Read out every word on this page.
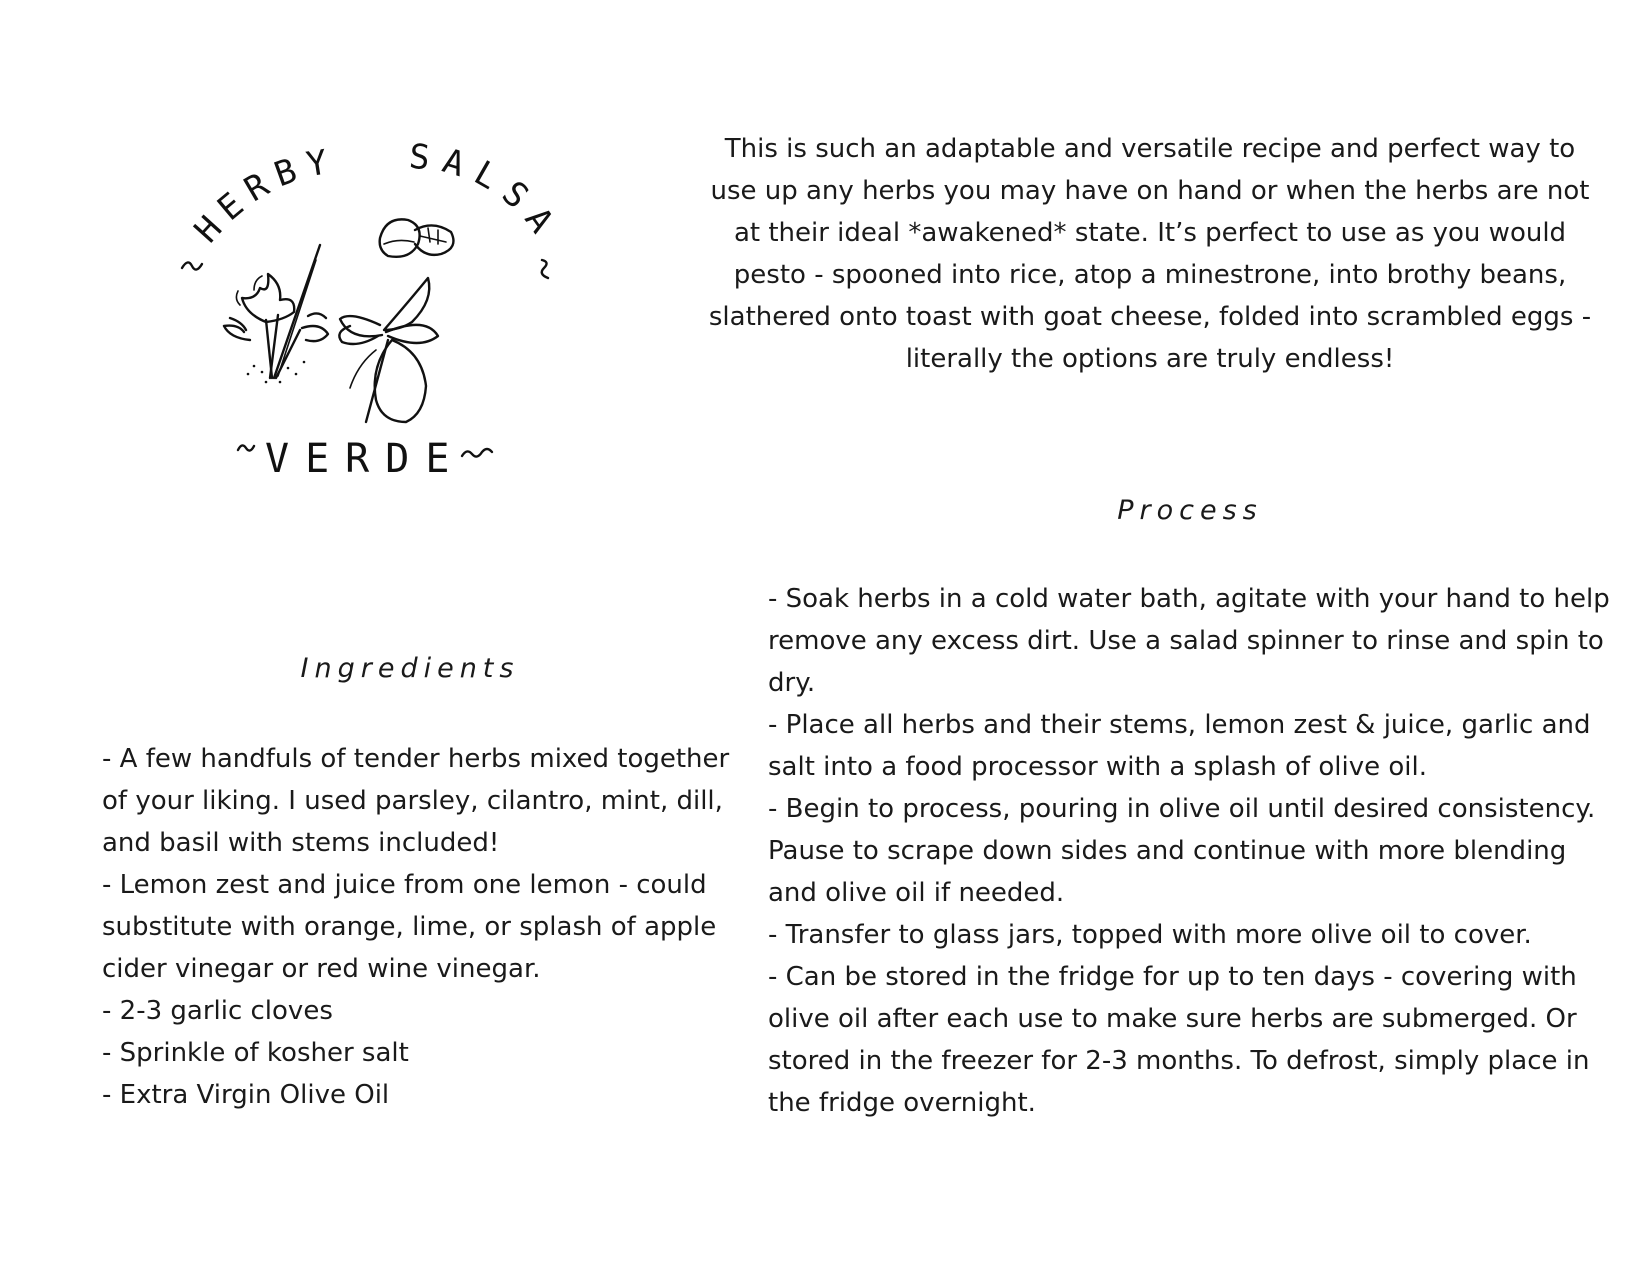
HERBY SALSA
VERDE

This is such an adaptable and versatile recipe and perfect way to use up any herbs you may have on hand or when the herbs are not at their ideal *awakened* state. It’s perfect to use as you would pesto - spooned into rice, atop a minestrone, into brothy beans, slathered onto toast with goat cheese, folded into scrambled eggs - literally the options are truly endless!

Process
- Soak herbs in a cold water bath, agitate with your hand to help remove any excess dirt. Use a salad spinner to rinse and spin to dry.
- Place all herbs and their stems, lemon zest & juice, garlic and salt into a food processor with a splash of olive oil.
- Begin to process, pouring in olive oil until desired consistency. Pause to scrape down sides and continue with more blending and olive oil if needed.
- Transfer to glass jars, topped with more olive oil to cover.
- Can be stored in the fridge for up to ten days - covering with olive oil after each use to make sure herbs are submerged. Or stored in the freezer for 2-3 months. To defrost, simply place in the fridge overnight.
Ingredients
- A few handfuls of tender herbs mixed together of your liking. I used parsley, cilantro, mint, dill, and basil with stems included!
- Lemon zest and juice from one lemon - could substitute with orange, lime, or splash of apple cider vinegar or red wine vinegar.
- 2-3 garlic cloves
- Sprinkle of kosher salt
- Extra Virgin Olive Oil
